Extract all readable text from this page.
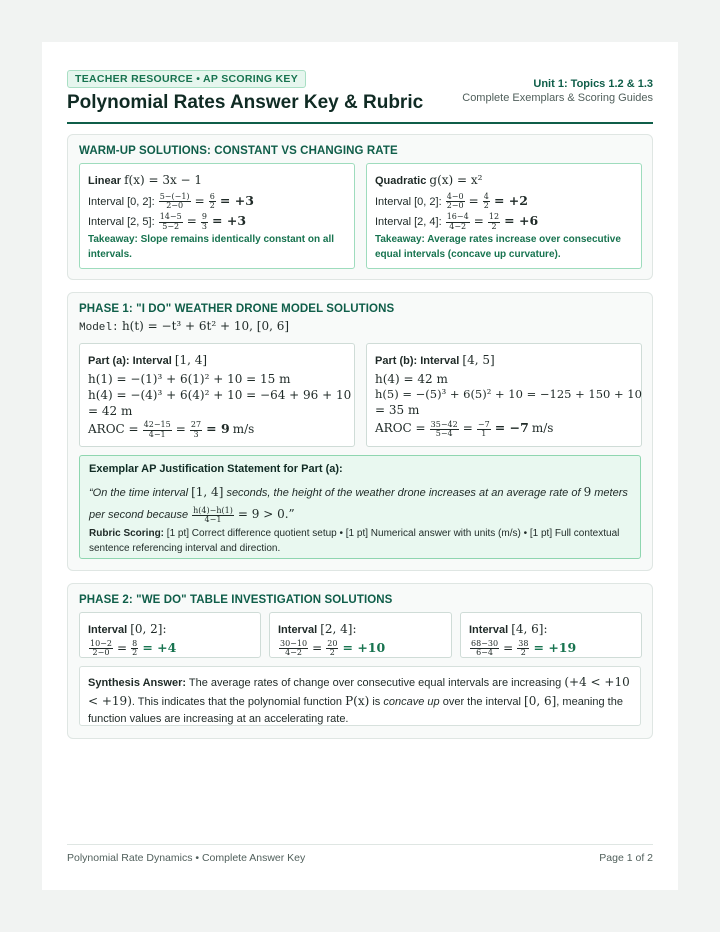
TEACHER RESOURCE • AP SCORING KEY
Polynomial Rates Answer Key & Rubric
Unit 1: Topics 1.2 & 1.3
Complete Exemplars & Scoring Guides
WARM-UP SOLUTIONS: CONSTANT VS CHANGING RATE
Linear f(x) = 3x − 1
Interval [0, 2]: $\frac{5-(-1)}{2-0} = \frac{6}{2} = +3$
Interval [2, 5]: $\frac{14-5}{5-2} = \frac{9}{3} = +3$
Takeaway: Slope remains identically constant on all intervals.
Quadratic g(x) = x²
Interval [0, 2]: $\frac{4-0}{2-0} = \frac{4}{2} = +2$
Interval [2, 4]: $\frac{16-4}{4-2} = \frac{12}{2} = +6$
Takeaway: Average rates increase over consecutive equal intervals (concave up curvature).
PHASE 1: "I DO" WEATHER DRONE MODEL SOLUTIONS
Model: h(t) = −t³ + 6t² + 10, [0, 6]
Part (a): Interval [1, 4]
h(1) = −(1)³ + 6(1)² + 10 = 15 m
h(4) = −(4)³ + 6(4)² + 10 = −64 + 96 + 10
= 42 m
AROC = $\frac{42-15}{4-1} = \frac{27}{3} = 9$ m/s
Part (b): Interval [4, 5]
h(4) = 42 m
h(5) = −(5)³ + 6(5)² + 10 = −125 + 150 + 10
= 35 m
AROC = $\frac{35-42}{5-4} = \frac{-7}{1} = -7$ m/s
Exemplar AP Justification Statement for Part (a):
“On the time interval [1, 4] seconds, the height of the weather drone increases at an average rate of 9 meters per second because $\frac{h(4)-h(1)}{4-1} = 9 > 0$.”
Rubric Scoring: [1 pt] Correct difference quotient setup • [1 pt] Numerical answer with units (m/s) • [1 pt] Full contextual sentence referencing interval and direction.
PHASE 2: "WE DO" TABLE INVESTIGATION SOLUTIONS
Interval [0, 2]:
$\frac{10-2}{2-0} = \frac{8}{2} = +4$
Interval [2, 4]:
$\frac{30-10}{4-2} = \frac{20}{2} = +10$
Interval [4, 6]:
$\frac{68-30}{6-4} = \frac{38}{2} = +19$
Synthesis Answer: The average rates of change over consecutive equal intervals are increasing (+4 < +10 < +19). This indicates that the polynomial function P(x) is concave up over the interval [0, 6], meaning the function values are increasing at an accelerating rate.
Polynomial Rate Dynamics • Complete Answer Key	Page 1 of 2
